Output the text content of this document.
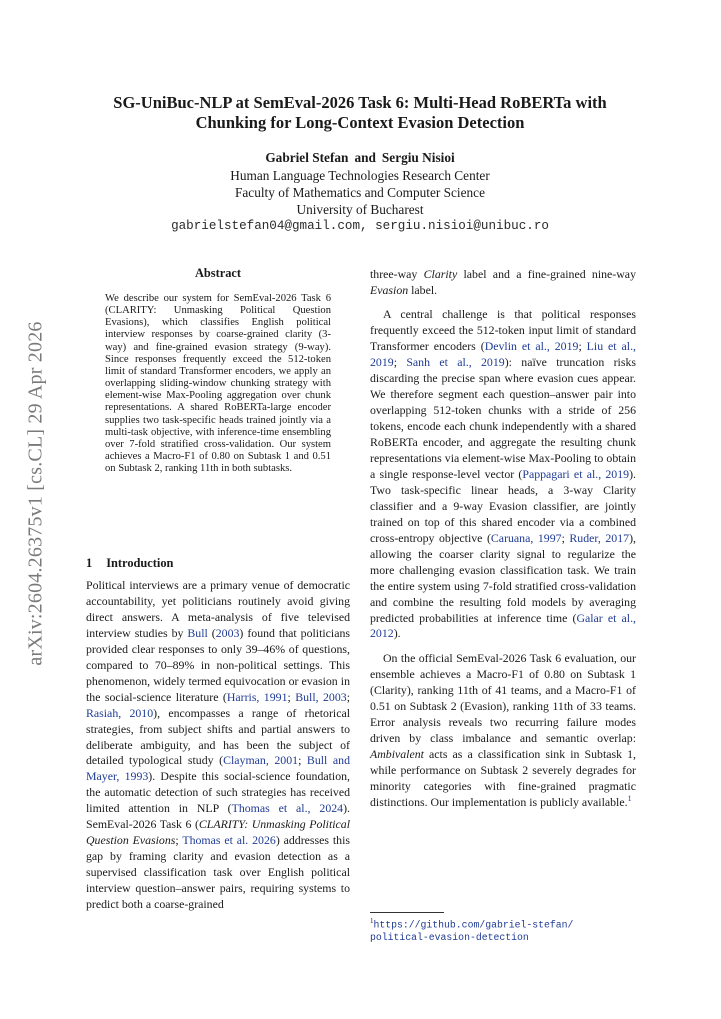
arXiv:2604.26375v1 [cs.CL] 29 Apr 2026
SG-UniBuc-NLP at SemEval-2026 Task 6: Multi-Head RoBERTa with
Chunking for Long-Context Evasion Detection
Gabriel Stefan and Sergiu Nisioi
Human Language Technologies Research Center
Faculty of Mathematics and Computer Science
University of Bucharest
gabrielstefan04@gmail.com, sergiu.nisioi@unibuc.ro
Abstract
We describe our system for SemEval-2026 Task 6 (CLARITY: Unmasking Political Question Evasions), which classifies English political interview responses by coarse-grained clarity (3-way) and fine-grained evasion strategy (9-way). Since responses frequently exceed the 512-token limit of standard Transformer encoders, we apply an overlapping sliding-window chunking strategy with element-wise Max-Pooling aggregation over chunk representations. A shared RoBERTa-large encoder supplies two task-specific heads trained jointly via a multi-task objective, with inference-time ensembling over 7-fold stratified cross-validation. Our system achieves a Macro-F1 of 0.80 on Subtask 1 and 0.51 on Subtask 2, ranking 11th in both subtasks.
1 Introduction

Political interviews are a primary venue of democratic accountability, yet politicians routinely avoid giving direct answers. A meta-analysis of five televised interview studies by Bull (2003) found that politicians provided clear responses to only 39–46% of questions, compared to 70–89% in non-political settings. This phenomenon, widely termed equivocation or evasion in the social-science literature (Harris, 1991; Bull, 2003; Rasiah, 2010), encompasses a range of rhetorical strategies, from subject shifts and partial answers to deliberate ambiguity, and has been the subject of detailed typological study (Clayman, 2001; Bull and Mayer, 1993). Despite this social-science foundation, the automatic detection of such strategies has received limited attention in NLP (Thomas et al., 2024). SemEval-2026 Task 6 (CLARITY: Unmasking Political Question Evasions; Thomas et al. 2026) addresses this gap by framing clarity and evasion detection as a supervised classification task over English political interview question–answer pairs, requiring systems to predict both a coarse-grained

three-way Clarity label and a fine-grained nine-way Evasion label.

A central challenge is that political responses frequently exceed the 512-token input limit of standard Transformer encoders (Devlin et al., 2019; Liu et al., 2019; Sanh et al., 2019): naïve truncation risks discarding the precise span where evasion cues appear. We therefore segment each question–answer pair into overlapping 512-token chunks with a stride of 256 tokens, encode each chunk independently with a shared RoBERTa encoder, and aggregate the resulting chunk representations via element-wise Max-Pooling to obtain a single response-level vector (Pappagari et al., 2019). Two task-specific linear heads, a 3-way Clarity classifier and a 9-way Evasion classifier, are jointly trained on top of this shared encoder via a combined cross-entropy objective (Caruana, 1997; Ruder, 2017), allowing the coarser clarity signal to regularize the more challenging evasion classification task. We train the entire system using 7-fold stratified cross-validation and combine the resulting fold models by averaging predicted probabilities at inference time (Galar et al., 2012).

On the official SemEval-2026 Task 6 evaluation, our ensemble achieves a Macro-F1 of 0.80 on Subtask 1 (Clarity), ranking 11th of 41 teams, and a Macro-F1 of 0.51 on Subtask 2 (Evasion), ranking 11th of 33 teams. Error analysis reveals two recurring failure modes driven by class imbalance and semantic overlap: Ambivalent acts as a classification sink in Subtask 1, while performance on Subtask 2 severely degrades for minority categories with fine-grained pragmatic distinctions. Our implementation is publicly available.$^1$

$^1$https://github.com/gabriel-stefan/
political-evasion-detection
